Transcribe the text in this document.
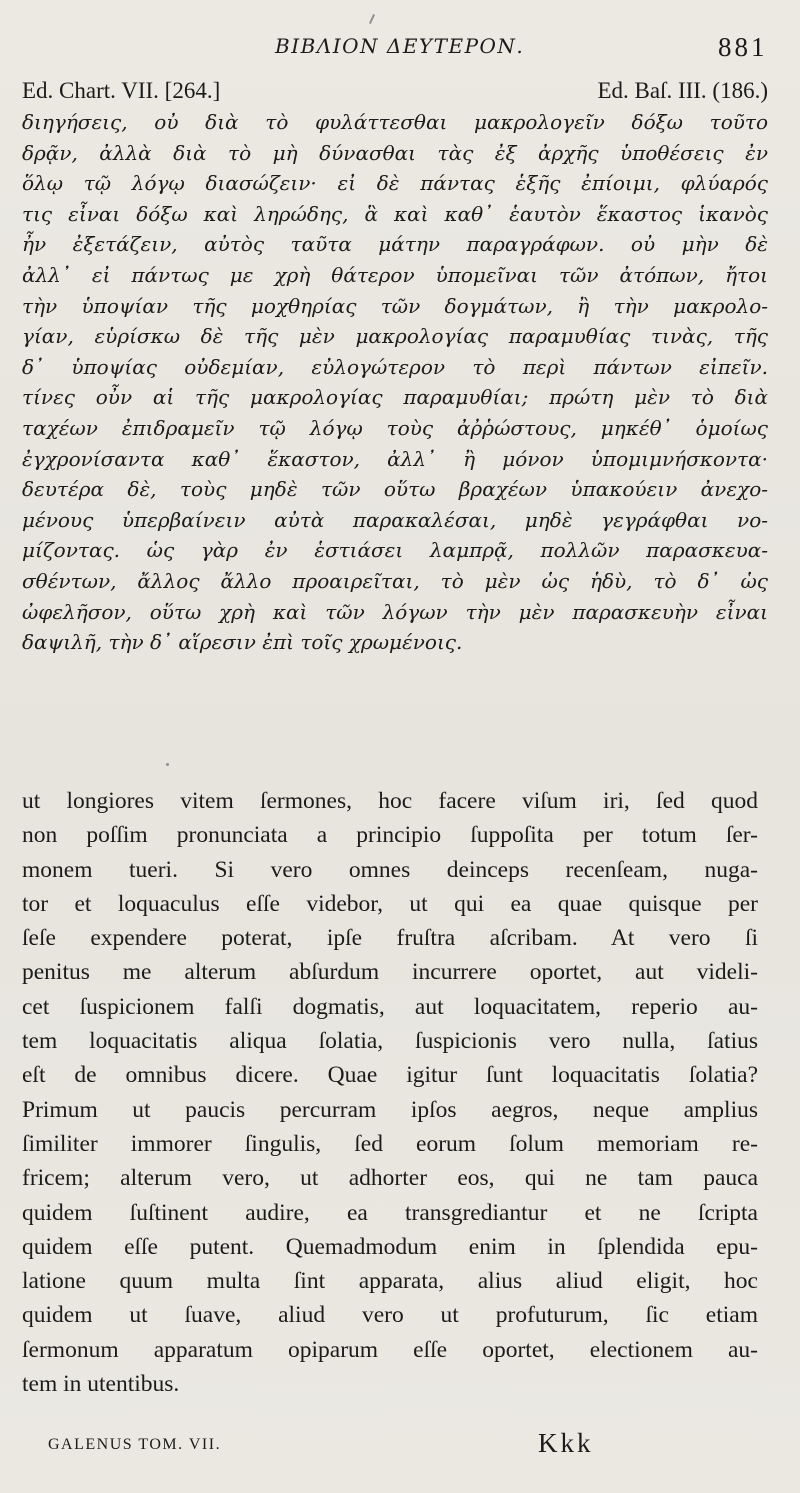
ΒΙΒΛΙΟΝ ΔΕΥΤΕΡΟΝ.	881
Ed. Chart. VII. [264.]	Ed. Baſ. III. (186.)
διηγήσεις, οὐ διὰ τὸ φυλάττεσθαι μακρολογεῖν δόξω τοῦτο
δρᾷν, ἀλλὰ διὰ τὸ μὴ δύνασθαι τὰς ἐξ ἀρχῆς ὑποθέσεις ἐν
ὅλῳ τῷ λόγῳ διασώζειν· εἰ δὲ πάντας ἑξῆς ἐπίοιμι, φλύαρός
τις εἶναι δόξω καὶ ληρώδης, ἃ καὶ καθ᾽ ἑαυτὸν ἕκαστος ἱκανὸς
ἦν ἐξετάζειν, αὐτὸς ταῦτα μάτην παραγράφων. οὐ μὴν δὲ
ἀλλ᾽ εἰ πάντως με χρὴ θάτερον ὑπομεῖναι τῶν ἀτόπων, ἤτοι
τὴν ὑποψίαν τῆς μοχθηρίας τῶν δογμάτων, ἢ τὴν μακρολο-
γίαν, εὑρίσκω δὲ τῆς μὲν μακρολογίας παραμυθίας τινὰς, τῆς
δ᾽ ὑποψίας οὐδεμίαν, εὐλογώτερον τὸ περὶ πάντων εἰπεῖν.
τίνες οὖν αἱ τῆς μακρολογίας παραμυθίαι; πρώτη μὲν τὸ διὰ
ταχέων ἐπιδραμεῖν τῷ λόγῳ τοὺς ἀῤῥώστους, μηκέθ᾽ ὁμοίως
ἐγχρονίσαντα καθ᾽ ἕκαστον, ἀλλ᾽ ἢ μόνον ὑπομιμνήσκοντα·
δευτέρα δὲ, τοὺς μηδὲ τῶν οὕτω βραχέων ὑπακούειν ἀνεχο-
μένους ὑπερβαίνειν αὐτὰ παρακαλέσαι, μηδὲ γεγράφθαι νο-
μίζοντας. ὡς γὰρ ἐν ἑστιάσει λαμπρᾷ, πολλῶν παρασκευα-
σθέντων, ἄλλος ἄλλο προαιρεῖται, τὸ μὲν ὡς ἡδὺ, τὸ δ᾽ ὡς
ὠφελῆσον, οὕτω χρὴ καὶ τῶν λόγων τὴν μὲν παρασκευὴν εἶναι
δαψιλῆ, τὴν δ᾽ αἵρεσιν ἐπὶ τοῖς χρωμένοις.
ut longiores vitem ſermones, hoc facere viſum iri, ſed quod
non poſſim pronunciata a principio ſuppoſita per totum ſer-
monem tueri. Si vero omnes deinceps recenſeam, nuga-
tor et loquaculus eſſe videbor, ut qui ea quae quisque per
ſeſe expendere poterat, ipſe fruſtra aſcribam. At vero ſi
penitus me alterum abſurdum incurrere oportet, aut videli-
cet ſuspicionem falſi dogmatis, aut loquacitatem, reperio au-
tem loquacitatis aliqua ſolatia, ſuspicionis vero nulla, ſatius
eſt de omnibus dicere. Quae igitur ſunt loquacitatis ſolatia?
Primum ut paucis percurram ipſos aegros, neque amplius
ſimiliter immorer ſingulis, ſed eorum ſolum memoriam re-
fricem; alterum vero, ut adhorter eos, qui ne tam pauca
quidem ſuſtinent audire, ea transgrediantur et ne ſcripta
quidem eſſe putent. Quemadmodum enim in ſplendida epu-
latione quum multa ſint apparata, alius aliud eligit, hoc
quidem ut ſuave, aliud vero ut profuturum, ſic etiam
ſermonum apparatum opiparum eſſe oportet, electionem au-
tem in utentibus.
GALENUS TOM. VII.	Kkk
